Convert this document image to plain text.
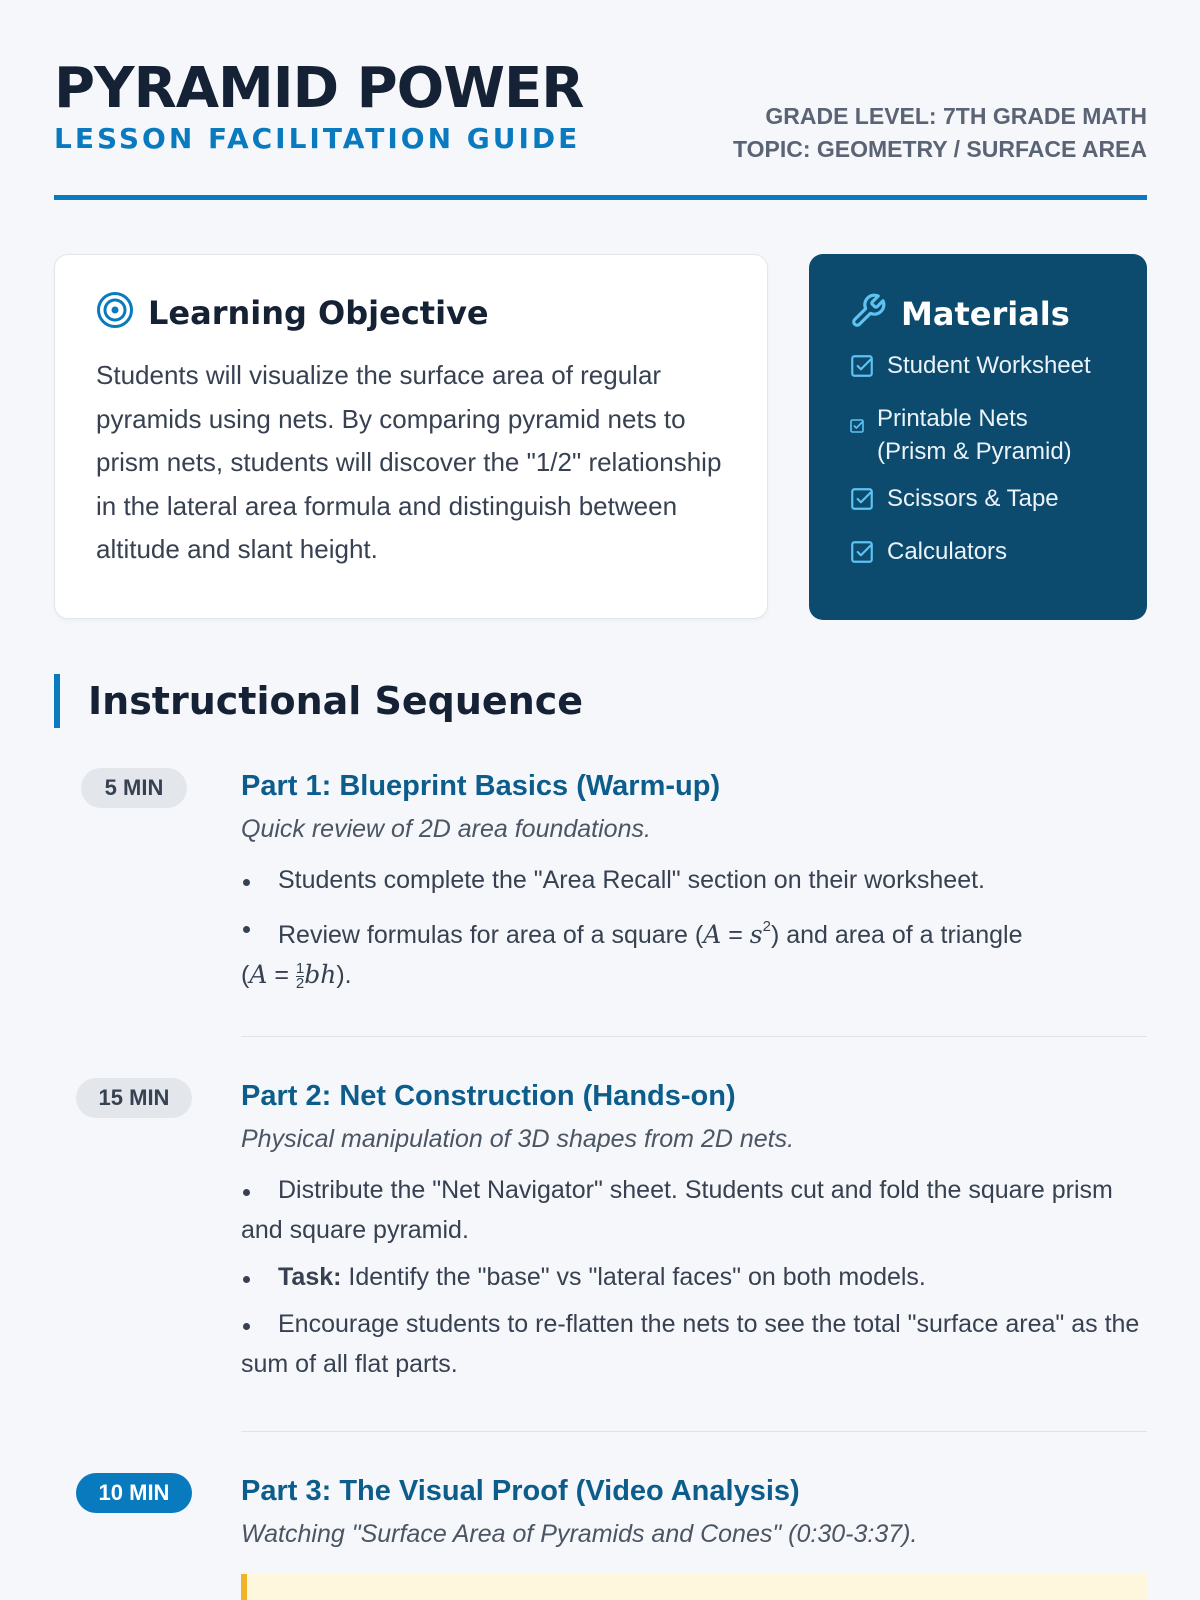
PYRAMID POWER
LESSON FACILITATION GUIDE
GRADE LEVEL: 7TH GRADE MATH
TOPIC: GEOMETRY / SURFACE AREA
Learning Objective

Students will visualize the surface area of regular pyramids using nets. By comparing pyramid nets to prism nets, students will discover the "1/2" relationship in the lateral area formula and distinguish between altitude and slant height.

Materials
Student Worksheet
Printable Nets (Prism & Pyramid)
Scissors & Tape
Calculators
Instructional Sequence
5 MIN	Part 1: Blueprint Basics (Warm-up)
Quick review of 2D area foundations.
Students complete the "Area Recall" section on their worksheet.
Review formulas for area of a square $(A = s^2)$ and area of a triangle
$(A = \frac{1}{2} bh)$.
15 MIN	Part 2: Net Construction (Hands-on)
Physical manipulation of 3D shapes from 2D nets.
Distribute the "Net Navigator" sheet. Students cut and fold the square prism and square pyramid.
Task: Identify the "base" vs "lateral faces" on both models.
Encourage students to re-flatten the nets to see the total "surface area" as the sum of all flat parts.
10 MIN	Part 3: The Visual Proof (Video Analysis)
Watching "Surface Area of Pyramids and Cones" (0:30-3:37).
